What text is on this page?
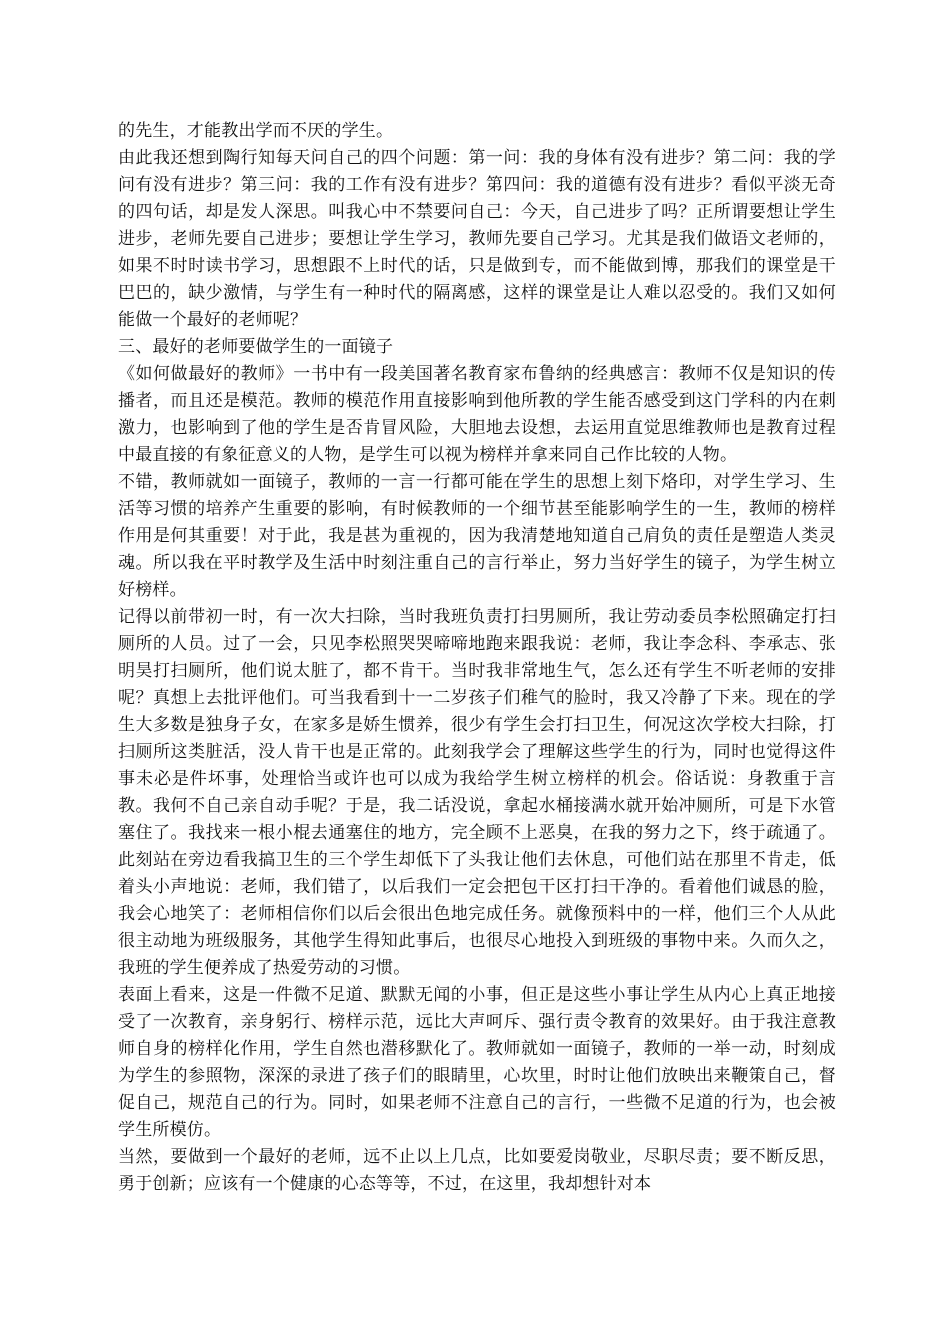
的先生，才能教出学而不厌的学生。

由此我还想到陶行知每天问自己的四个问题：第一问：我的身体有没有进步？第二问：我的学问有没有进步？第三问：我的工作有没有进步？第四问：我的道德有没有进步？看似平淡无奇的四句话，却是发人深思。叫我心中不禁要问自己：今天，自己进步了吗？正所谓要想让学生进步，老师先要自己进步；要想让学生学习，教师先要自己学习。尤其是我们做语文老师的，如果不时时读书学习，思想跟不上时代的话，只是做到专，而不能做到博，那我们的课堂是干巴巴的，缺少激情，与学生有一种时代的隔离感，这样的课堂是让人难以忍受的。我们又如何能做一个最好的老师呢？

三、最好的老师要做学生的一面镜子

《如何做最好的教师》一书中有一段美国著名教育家布鲁纳的经典感言：教师不仅是知识的传播者，而且还是模范。教师的模范作用直接影响到他所教的学生能否感受到这门学科的内在刺激力，也影响到了他的学生是否肯冒风险，大胆地去设想，去运用直觉思维教师也是教育过程中最直接的有象征意义的人物，是学生可以视为榜样并拿来同自己作比较的人物。

不错，教师就如一面镜子，教师的一言一行都可能在学生的思想上刻下烙印，对学生学习、生活等习惯的培养产生重要的影响，有时候教师的一个细节甚至能影响学生的一生，教师的榜样作用是何其重要！对于此，我是甚为重视的，因为我清楚地知道自己肩负的责任是塑造人类灵魂。所以我在平时教学及生活中时刻注重自己的言行举止，努力当好学生的镜子，为学生树立好榜样。

记得以前带初一时，有一次大扫除，当时我班负责打扫男厕所，我让劳动委员李松照确定打扫厕所的人员。过了一会，只见李松照哭哭啼啼地跑来跟我说：老师，我让李念科、李承志、张明昊打扫厕所，他们说太脏了，都不肯干。当时我非常地生气，怎么还有学生不听老师的安排呢？真想上去批评他们。可当我看到十一二岁孩子们稚气的脸时，我又冷静了下来。现在的学生大多数是独身子女，在家多是娇生惯养，很少有学生会打扫卫生，何况这次学校大扫除，打扫厕所这类脏活，没人肯干也是正常的。此刻我学会了理解这些学生的行为，同时也觉得这件事未必是件坏事，处理恰当或许也可以成为我给学生树立榜样的机会。俗话说：身教重于言教。我何不自己亲自动手呢？于是，我二话没说，拿起水桶接满水就开始冲厕所，可是下水管塞住了。我找来一根小棍去通塞住的地方，完全顾不上恶臭，在我的努力之下，终于疏通了。此刻站在旁边看我搞卫生的三个学生却低下了头我让他们去休息，可他们站在那里不肯走，低着头小声地说：老师，我们错了，以后我们一定会把包干区打扫干净的。看着他们诚恳的脸，我会心地笑了：老师相信你们以后会很出色地完成任务。就像预料中的一样，他们三个人从此很主动地为班级服务，其他学生得知此事后，也很尽心地投入到班级的事物中来。久而久之，我班的学生便养成了热爱劳动的习惯。

表面上看来，这是一件微不足道、默默无闻的小事，但正是这些小事让学生从内心上真正地接受了一次教育，亲身躬行、榜样示范，远比大声呵斥、强行责令教育的效果好。由于我注意教师自身的榜样化作用，学生自然也潜移默化了。教师就如一面镜子，教师的一举一动，时刻成为学生的参照物，深深的录进了孩子们的眼睛里，心坎里，时时让他们放映出来鞭策自己，督促自己，规范自己的行为。同时，如果老师不注意自己的言行，一些微不足道的行为，也会被学生所模仿。

当然，要做到一个最好的老师，远不止以上几点，比如要爱岗敬业，尽职尽责；要不断反思，勇于创新；应该有一个健康的心态等等，不过，在这里，我却想针对本
